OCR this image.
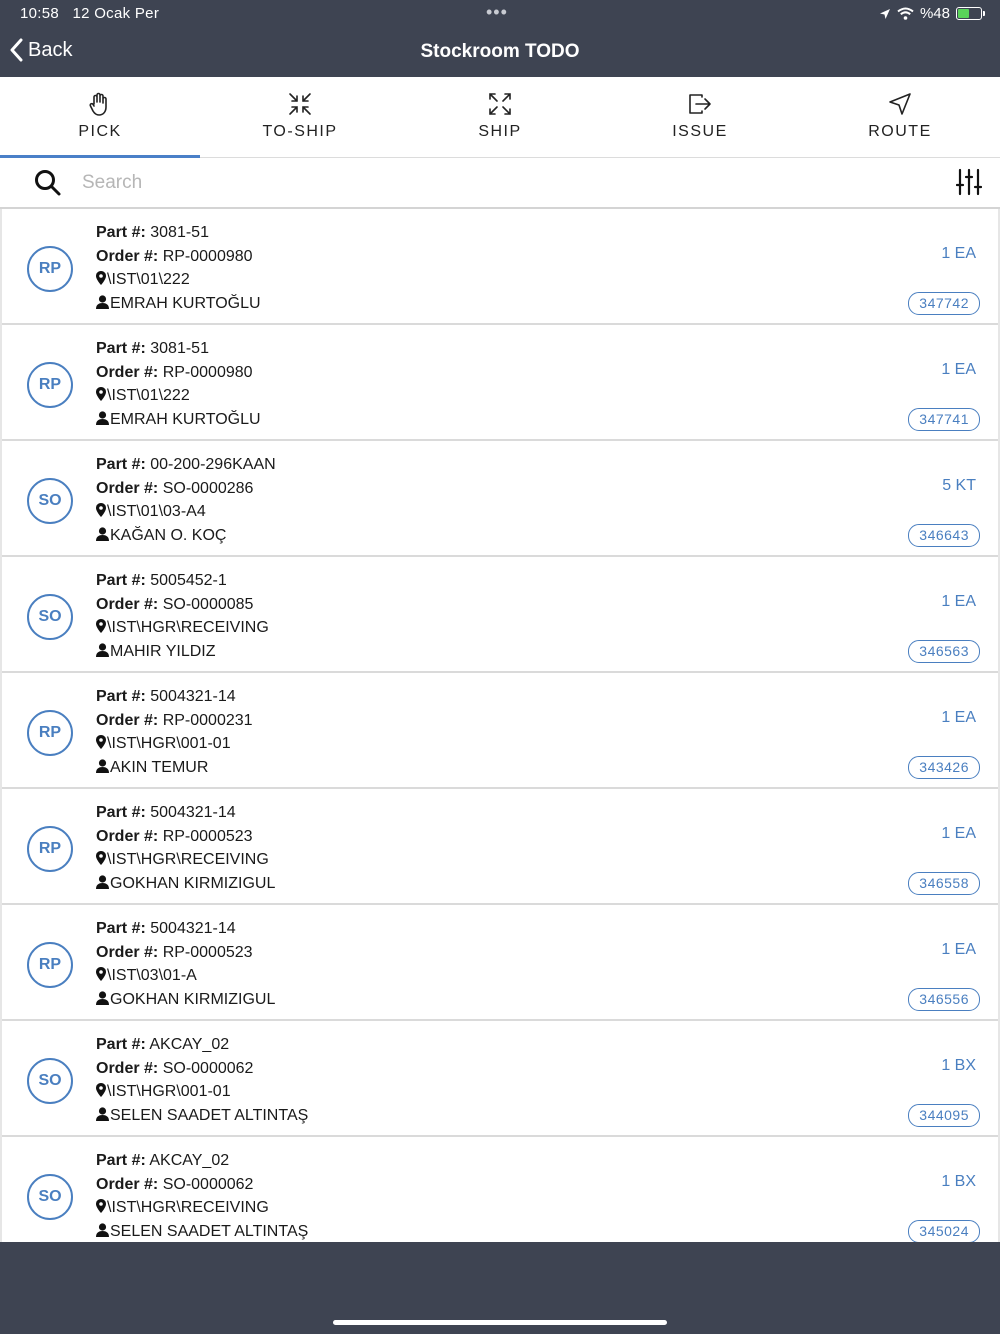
10:58 12 Ocak Per	•••	%48
Back	Stockroom TODO
PICK	TO-SHIP	SHIP	ISSUE	ROUTE
Search
RP
Part #: 3081-51
Order #: RP-0000980
\IST\01\222
EMRAH KURTOĞLU
1 EA
347742
RP
Part #: 3081-51
Order #: RP-0000980
\IST\01\222
EMRAH KURTOĞLU
1 EA
347741
SO
Part #: 00-200-296KAAN
Order #: SO-0000286
\IST\01\03-A4
KAĞAN O. KOÇ
5 KT
346643
SO
Part #: 5005452-1
Order #: SO-0000085
\IST\HGR\RECEIVING
MAHIR YILDIZ
1 EA
346563
RP
Part #: 5004321-14
Order #: RP-0000231
\IST\HGR\001-01
AKIN TEMUR
1 EA
343426
RP
Part #: 5004321-14
Order #: RP-0000523
\IST\HGR\RECEIVING
GOKHAN KIRMIZIGUL
1 EA
346558
RP
Part #: 5004321-14
Order #: RP-0000523
\IST\03\01-A
GOKHAN KIRMIZIGUL
1 EA
346556
SO
Part #: AKCAY_02
Order #: SO-0000062
\IST\HGR\001-01
SELEN SAADET ALTINTAŞ
1 BX
344095
SO
Part #: AKCAY_02
Order #: SO-0000062
\IST\HGR\RECEIVING
SELEN SAADET ALTINTAŞ
1 BX
345024
